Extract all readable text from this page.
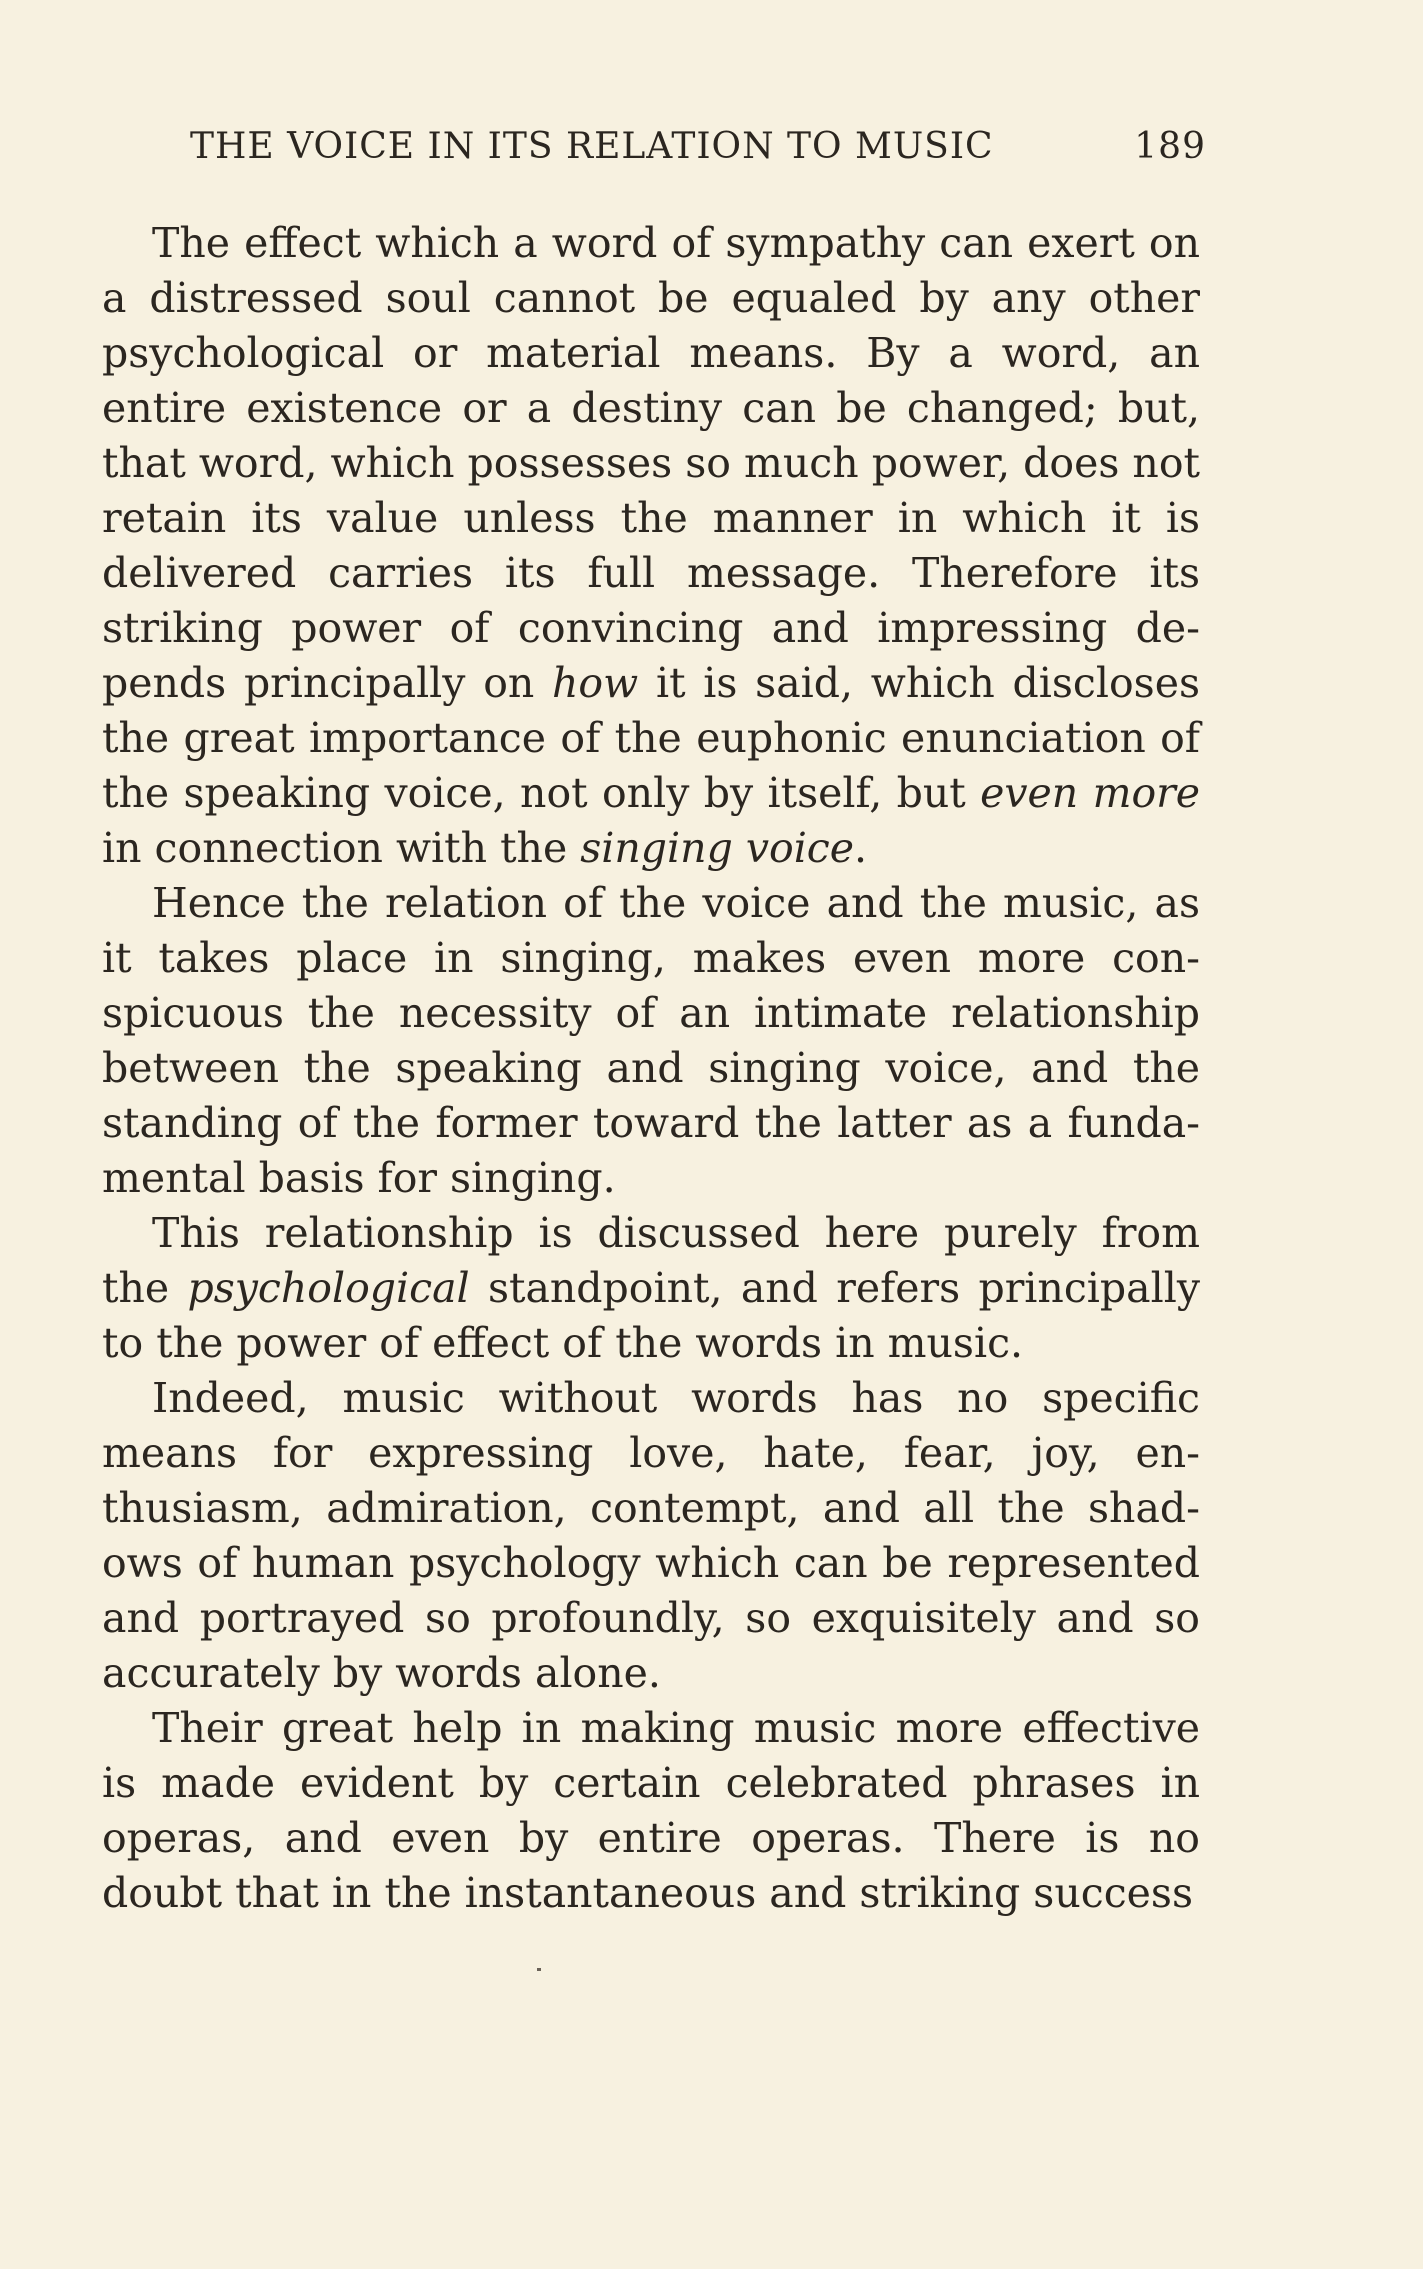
THE VOICE IN ITS RELATION TO MUSIC	189

The effect which a word of sympathy can exert on a distressed soul cannot be equaled by any other psychological or material means. By a word, an entire existence or a destiny can be changed; but, that word, which possesses so much power, does not retain its value unless the manner in which it is delivered carries its full message. Therefore its striking power of convincing and impressing depends principally on how it is said, which discloses the great importance of the euphonic enunciation of the speaking voice, not only by itself, but even more in connection with the singing voice.

Hence the relation of the voice and the music, as it takes place in singing, makes even more conspicuous the necessity of an intimate relationship between the speaking and singing voice, and the standing of the former toward the latter as a fundamental basis for singing.

This relationship is discussed here purely from the psychological standpoint, and refers principally to the power of effect of the words in music.

Indeed, music without words has no specific means for expressing love, hate, fear, joy, enthusiasm, admiration, contempt, and all the shadows of human psychology which can be represented and portrayed so profoundly, so exquisitely and so accurately by words alone.

Their great help in making music more effective is made evident by certain celebrated phrases in operas, and even by entire operas. There is no doubt that in the instantaneous and striking success
